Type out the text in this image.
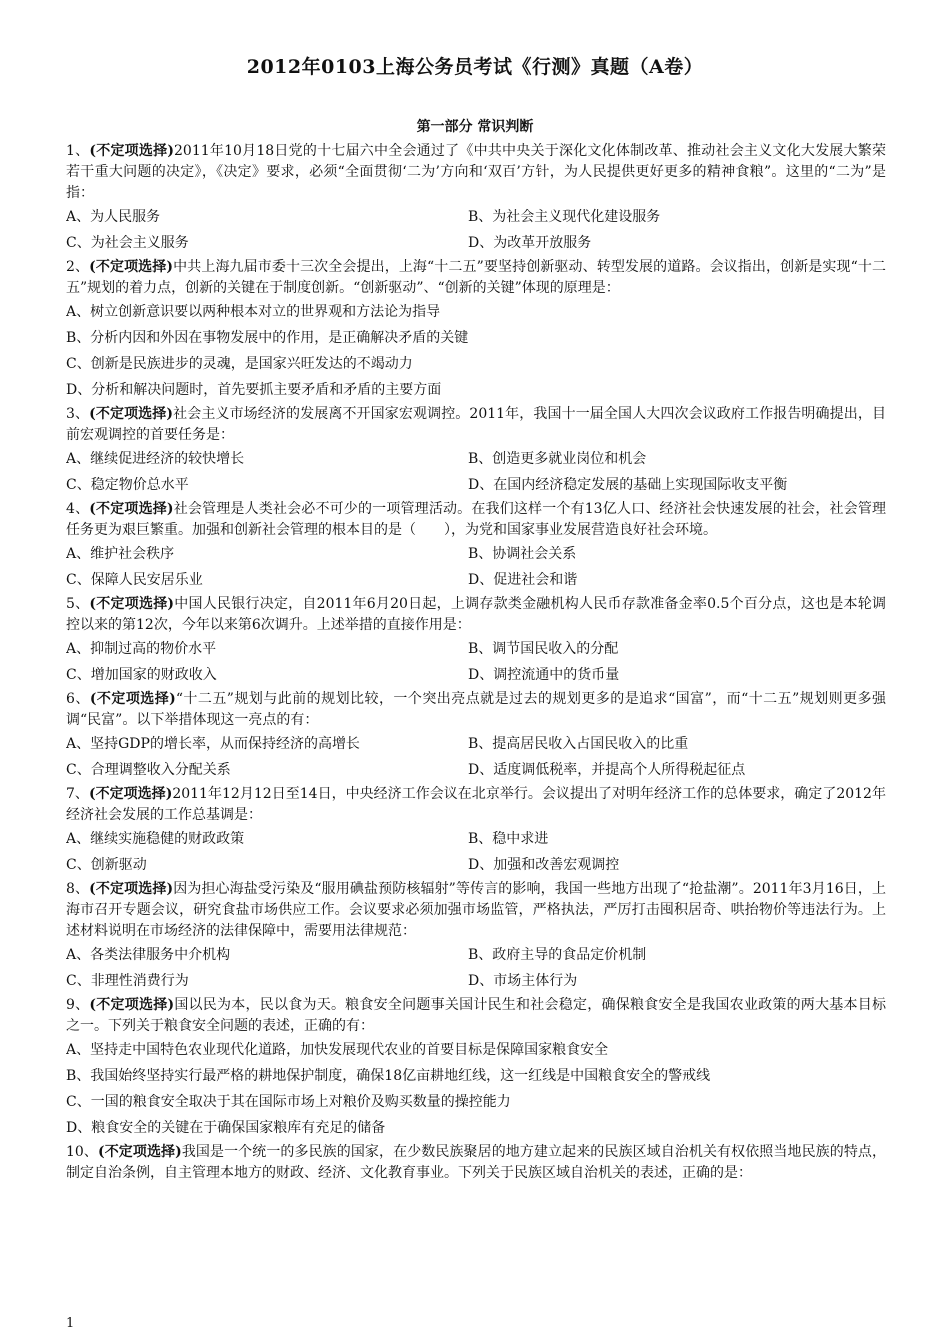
2012年0103上海公务员考试《行测》真题（A卷）
第一部分 常识判断
1、(不定项选择)2011年10月18日党的十七届六中全会通过了《中共中央关于深化文化体制改革、推动社会主义文化大发展大繁荣若干重大问题的决定》，《决定》要求，必须“全面贯彻‘二为’方向和‘双百’方针，为人民提供更好更多的精神食粮”。这里的“二为”是指：
A、为人民服务	B、为社会主义现代化建设服务
C、为社会主义服务	D、为改革开放服务
2、(不定项选择)中共上海九届市委十三次全会提出，上海“十二五”要坚持创新驱动、转型发展的道路。会议指出，创新是实现“十二五”规划的着力点，创新的关键在于制度创新。“创新驱动”、“创新的关键”体现的原理是：
A、树立创新意识要以两种根本对立的世界观和方法论为指导
B、分析内因和外因在事物发展中的作用，是正确解决矛盾的关键
C、创新是民族进步的灵魂，是国家兴旺发达的不竭动力
D、分析和解决问题时，首先要抓主要矛盾和矛盾的主要方面
3、(不定项选择)社会主义市场经济的发展离不开国家宏观调控。2011年，我国十一届全国人大四次会议政府工作报告明确提出，目前宏观调控的首要任务是：
A、继续促进经济的较快增长	B、创造更多就业岗位和机会
C、稳定物价总水平	D、在国内经济稳定发展的基础上实现国际收支平衡
4、(不定项选择)社会管理是人类社会必不可少的一项管理活动。在我们这样一个有13亿人口、经济社会快速发展的社会，社会管理任务更为艰巨繁重。加强和创新社会管理的根本目的是（　　），为党和国家事业发展营造良好社会环境。
A、维护社会秩序	B、协调社会关系
C、保障人民安居乐业	D、促进社会和谐
5、(不定项选择)中国人民银行决定，自2011年6月20日起，上调存款类金融机构人民币存款准备金率0.5个百分点，这也是本轮调控以来的第12次，今年以来第6次调升。上述举措的直接作用是：
A、抑制过高的物价水平	B、调节国民收入的分配
C、增加国家的财政收入	D、调控流通中的货币量
6、(不定项选择)“十二五”规划与此前的规划比较，一个突出亮点就是过去的规划更多的是追求“国富”，而“十二五”规划则更多强调“民富”。以下举措体现这一亮点的有：
A、坚持GDP的增长率，从而保持经济的高增长	B、提高居民收入占国民收入的比重
C、合理调整收入分配关系	D、适度调低税率，并提高个人所得税起征点
7、(不定项选择)2011年12月12日至14日，中央经济工作会议在北京举行。会议提出了对明年经济工作的总体要求，确定了2012年经济社会发展的工作总基调是：
A、继续实施稳健的财政政策	B、稳中求进
C、创新驱动	D、加强和改善宏观调控
8、(不定项选择)因为担心海盐受污染及“服用碘盐预防核辐射”等传言的影响，我国一些地方出现了“抢盐潮”。2011年3月16日，上海市召开专题会议，研究食盐市场供应工作。会议要求必须加强市场监管，严格执法，严厉打击囤积居奇、哄抬物价等违法行为。上述材料说明在市场经济的法律保障中，需要用法律规范：
A、各类法律服务中介机构	B、政府主导的食品定价机制
C、非理性消费行为	D、市场主体行为
9、(不定项选择)国以民为本，民以食为天。粮食安全问题事关国计民生和社会稳定，确保粮食安全是我国农业政策的两大基本目标之一。下列关于粮食安全问题的表述，正确的有：
A、坚持走中国特色农业现代化道路，加快发展现代农业的首要目标是保障国家粮食安全
B、我国始终坚持实行最严格的耕地保护制度，确保18亿亩耕地红线，这一红线是中国粮食安全的警戒线
C、一国的粮食安全取决于其在国际市场上对粮价及购买数量的操控能力
D、粮食安全的关键在于确保国家粮库有充足的储备
10、(不定项选择)我国是一个统一的多民族的国家，在少数民族聚居的地方建立起来的民族区域自治机关有权依照当地民族的特点，制定自治条例，自主管理本地方的财政、经济、文化教育事业。下列关于民族区域自治机关的表述，正确的是：
1
